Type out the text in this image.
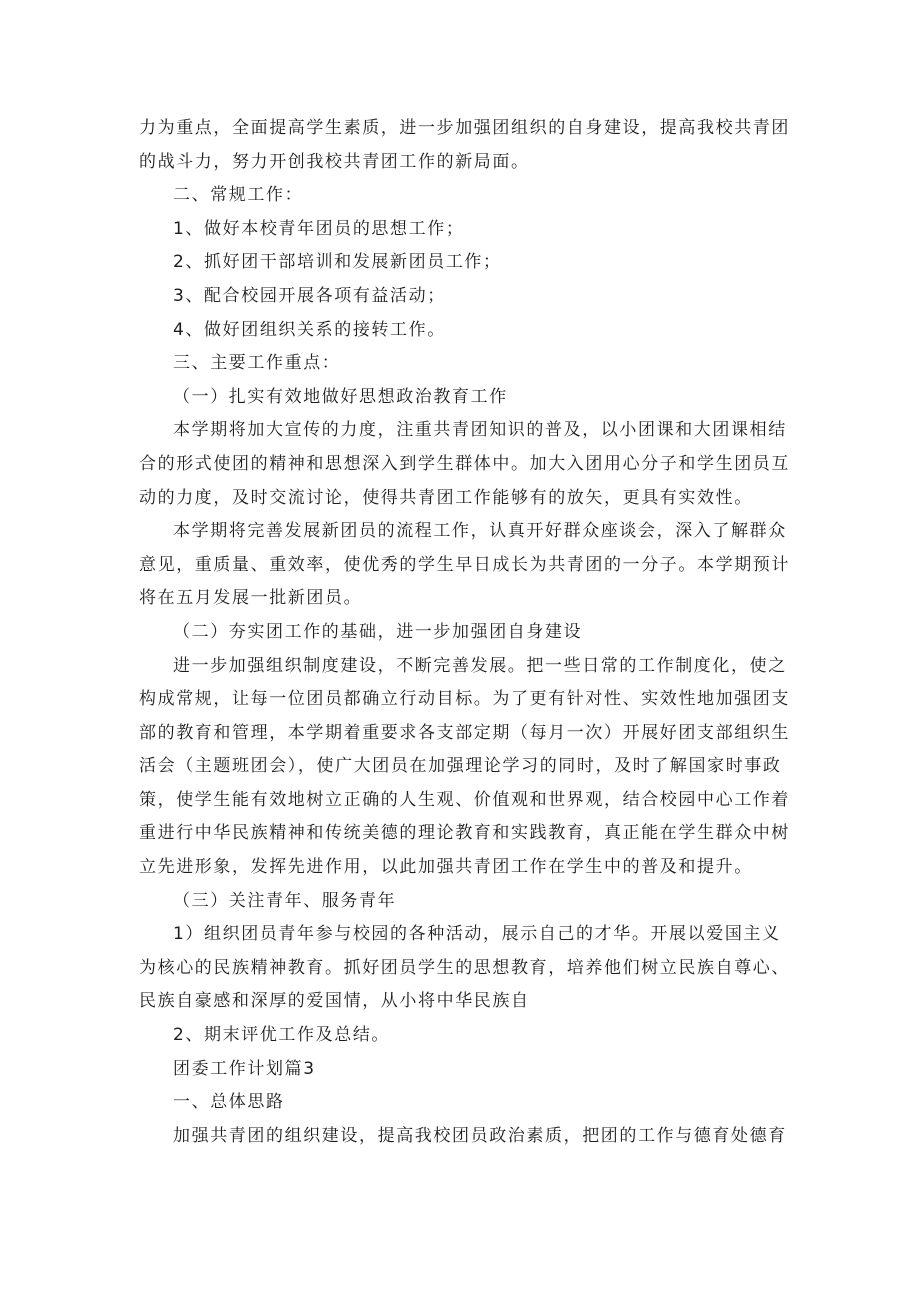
力为重点，全面提高学生素质，进一步加强团组织的自身建设，提高我校共青团

的战斗力，努力开创我校共青团工作的新局面。

二、常规工作：

1、做好本校青年团员的思想工作；

2、抓好团干部培训和发展新团员工作；

3、配合校园开展各项有益活动；

4、做好团组织关系的接转工作。

三、主要工作重点：

（一）扎实有效地做好思想政治教育工作

本学期将加大宣传的力度，注重共青团知识的普及，以小团课和大团课相结

合的形式使团的精神和思想深入到学生群体中。加大入团用心分子和学生团员互

动的力度，及时交流讨论，使得共青团工作能够有的放矢，更具有实效性。

本学期将完善发展新团员的流程工作，认真开好群众座谈会，深入了解群众

意见，重质量、重效率，使优秀的学生早日成长为共青团的一分子。本学期预计

将在五月发展一批新团员。

（二）夯实团工作的基础，进一步加强团自身建设

进一步加强组织制度建设，不断完善发展。把一些日常的工作制度化，使之

构成常规，让每一位团员都确立行动目标。为了更有针对性、实效性地加强团支

部的教育和管理，本学期着重要求各支部定期（每月一次）开展好团支部组织生

活会（主题班团会），使广大团员在加强理论学习的同时，及时了解国家时事政

策，使学生能有效地树立正确的人生观、价值观和世界观，结合校园中心工作着

重进行中华民族精神和传统美德的理论教育和实践教育，真正能在学生群众中树

立先进形象，发挥先进作用，以此加强共青团工作在学生中的普及和提升。

（三）关注青年、服务青年

1）组织团员青年参与校园的各种活动，展示自己的才华。开展以爱国主义

为核心的民族精神教育。抓好团员学生的思想教育，培养他们树立民族自尊心、

民族自豪感和深厚的爱国情，从小将中华民族自

2、期末评优工作及总结。

团委工作计划篇3

一、总体思路

加强共青团的组织建设，提高我校团员政治素质，把团的工作与德育处德育
